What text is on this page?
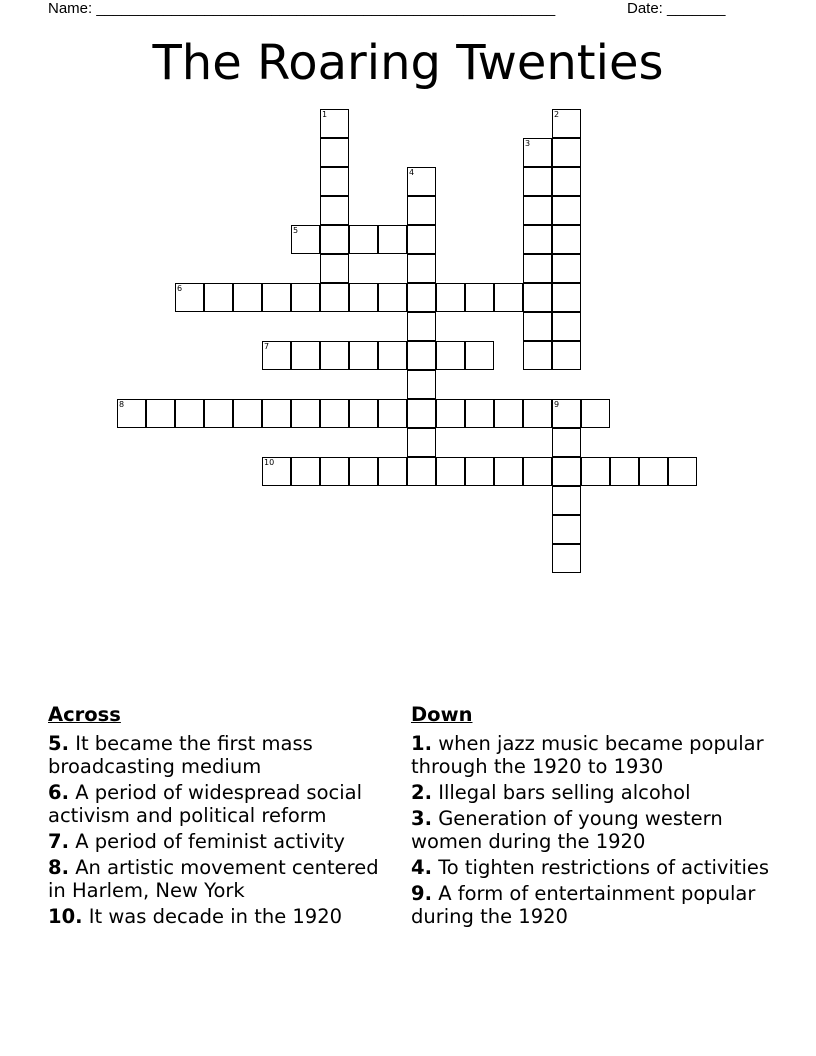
Name: _______________________________________________________	Date: _______
The Roaring Twenties
1	2
3
4
5
6
7
8	9
10
Across
5. It became the first mass broadcasting medium
6. A period of widespread social activism and political reform
7. A period of feminist activity
8. An artistic movement centered in Harlem, New York
10. It was decade in the 1920
Down
1. when jazz music became popular through the 1920 to 1930
2. Illegal bars selling alcohol
3. Generation of young western women during the 1920
4. To tighten restrictions of activities
9. A form of entertainment popular during the 1920
